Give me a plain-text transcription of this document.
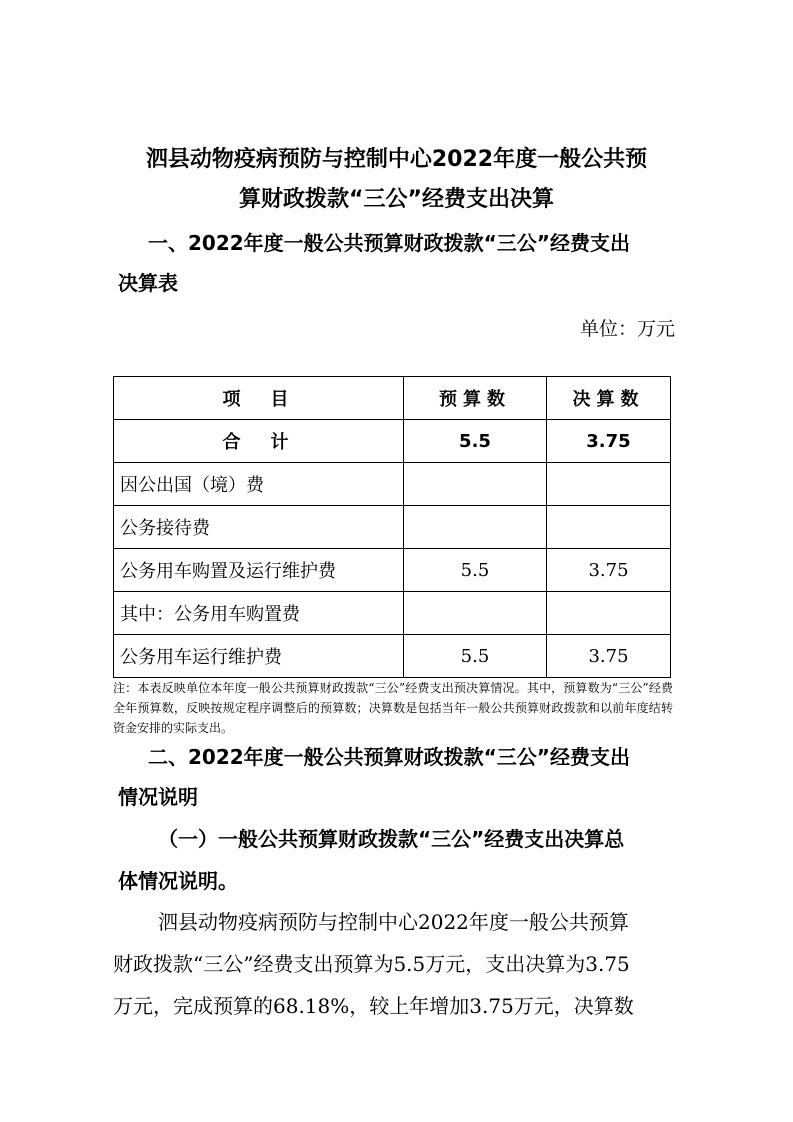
泗县动物疫病预防与控制中心2022年度一般公共预
算财政拨款“三公”经费支出决算
一、2022年度一般公共预算财政拨款“三公”经费支出
决算表
单位：万元
项　目	预算数	决算数
合　计	5.5	3.75
因公出国（境）费		
公务接待费		
公务用车购置及运行维护费	5.5	3.75
其中：公务用车购置费		
公务用车运行维护费	5.5	3.75
注：本表反映单位本年度一般公共预算财政拨款“三公”经费支出预决算情况。其中，预算数为“三公”经费全年预算数，反映按规定程序调整后的预算数；决算数是包括当年一般公共预算财政拨款和以前年度结转资金安排的实际支出。
二、2022年度一般公共预算财政拨款“三公”经费支出
情况说明
（一）一般公共预算财政拨款“三公”经费支出决算总
体情况说明。
泗县动物疫病预防与控制中心2022年度一般公共预算
财政拨款“三公”经费支出预算为5.5万元，支出决算为3.75
万元，完成预算的68.18%，较上年增加3.75万元，决算数
